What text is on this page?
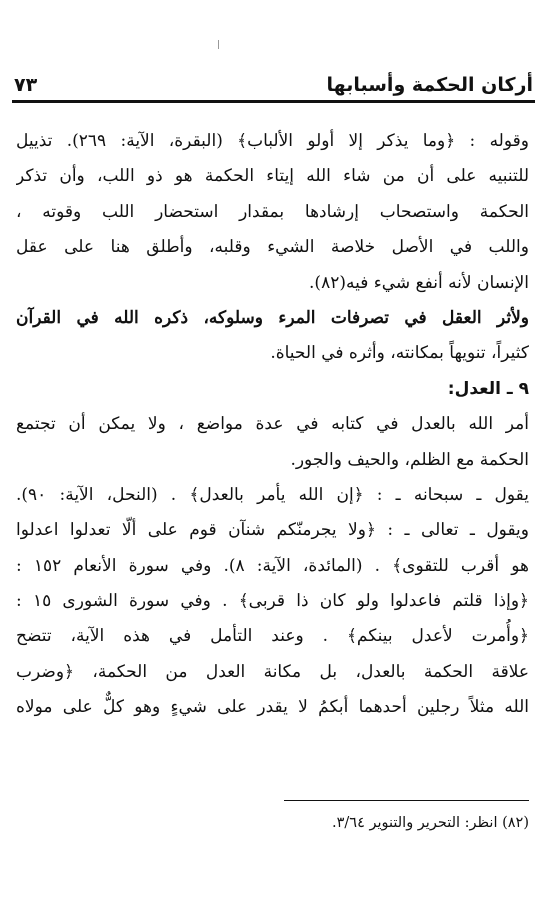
أركان الحكمة وأسبابها
٧٣
وقوله : ﴿وما يذكر إلا أولو الألباب﴾ (البقرة، الآية: ٢٦٩). تذييل
للتنبيه على أن من شاء الله إيتاء الحكمة هو ذو اللب، وأن تذكر
الحكمة واستصحاب إرشادها بمقدار استحضار اللب وقوته ،
واللب في الأصل خلاصة الشيء وقلبه، وأطلق هنا على عقل
الإنسان لأنه أنفع شيء فيه(٨٢).
ولأثر العقل في تصرفات المرء وسلوكه، ذكره الله في القرآن
كثيراً، تنويهاً بمكانته، وأثره في الحياة.
٩ ـ العدل:
أمر الله بالعدل في كتابه في عدة مواضع ، ولا يمكن أن تجتمع
الحكمة مع الظلم، والحيف والجور.
يقول ـ سبحانه ـ : ﴿إن الله يأمر بالعدل﴾ . (النحل، الآية: ٩٠).
ويقول ـ تعالى ـ : ﴿ولا يجرمنّكم شنآن قوم على ألّا تعدلوا اعدلوا
هو أقرب للتقوى﴾ . (المائدة، الآية: ٨). وفي سورة الأنعام ١٥٢ :
﴿وإذا قلتم فاعدلوا ولو كان ذا قربى﴾ . وفي سورة الشورى ١٥ :
﴿وأُمرت لأعدل بينكم﴾ . وعند التأمل في هذه الآية، تتضح
علاقة الحكمة بالعدل، بل مكانة العدل من الحكمة، ﴿وضرب
الله مثلاً رجلين أحدهما أبكمُ لا يقدر على شيءٍ وهو كلٌّ على مولاه
(٨٢) انظر: التحرير والتنوير ٣/٦٤.
